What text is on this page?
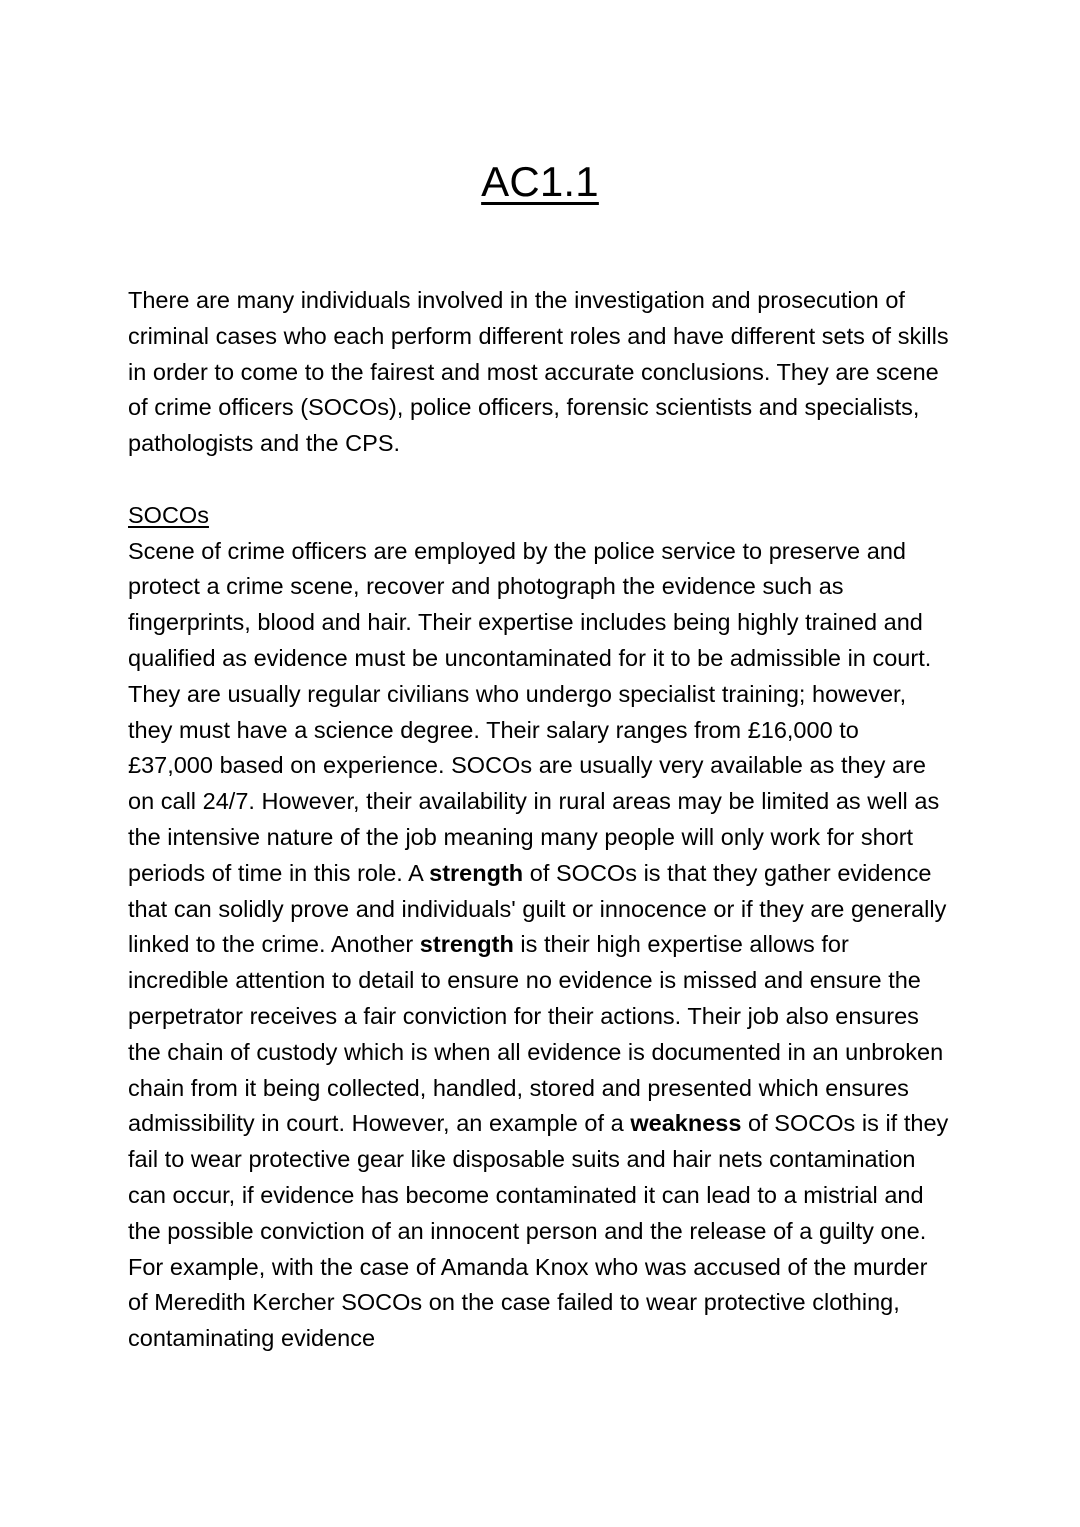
AC1.1

There are many individuals involved in the investigation and prosecution of criminal cases who each perform different roles and have different sets of skills in order to come to the fairest and most accurate conclusions. They are scene of crime officers (SOCOs), police officers, forensic scientists and specialists, pathologists and the CPS.

SOCOs

Scene of crime officers are employed by the police service to preserve and protect a crime scene, recover and photograph the evidence such as fingerprints, blood and hair. Their expertise includes being highly trained and qualified as evidence must be uncontaminated for it to be admissible in court. They are usually regular civilians who undergo specialist training; however, they must have a science degree. Their salary ranges from £16,000 to £37,000 based on experience. SOCOs are usually very available as they are on call 24/7. However, their availability in rural areas may be limited as well as the intensive nature of the job meaning many people will only work for short periods of time in this role. A strength of SOCOs is that they gather evidence that can solidly prove and individuals' guilt or innocence or if they are generally linked to the crime. Another strength is their high expertise allows for incredible attention to detail to ensure no evidence is missed and ensure the perpetrator receives a fair conviction for their actions. Their job also ensures the chain of custody which is when all evidence is documented in an unbroken chain from it being collected, handled, stored and presented which ensures admissibility in court. However, an example of a weakness of SOCOs is if they fail to wear protective gear like disposable suits and hair nets contamination can occur, if evidence has become contaminated it can lead to a mistrial and the possible conviction of an innocent person and the release of a guilty one. For example, with the case of Amanda Knox who was accused of the murder of Meredith Kercher SOCOs on the case failed to wear protective clothing, contaminating evidence
